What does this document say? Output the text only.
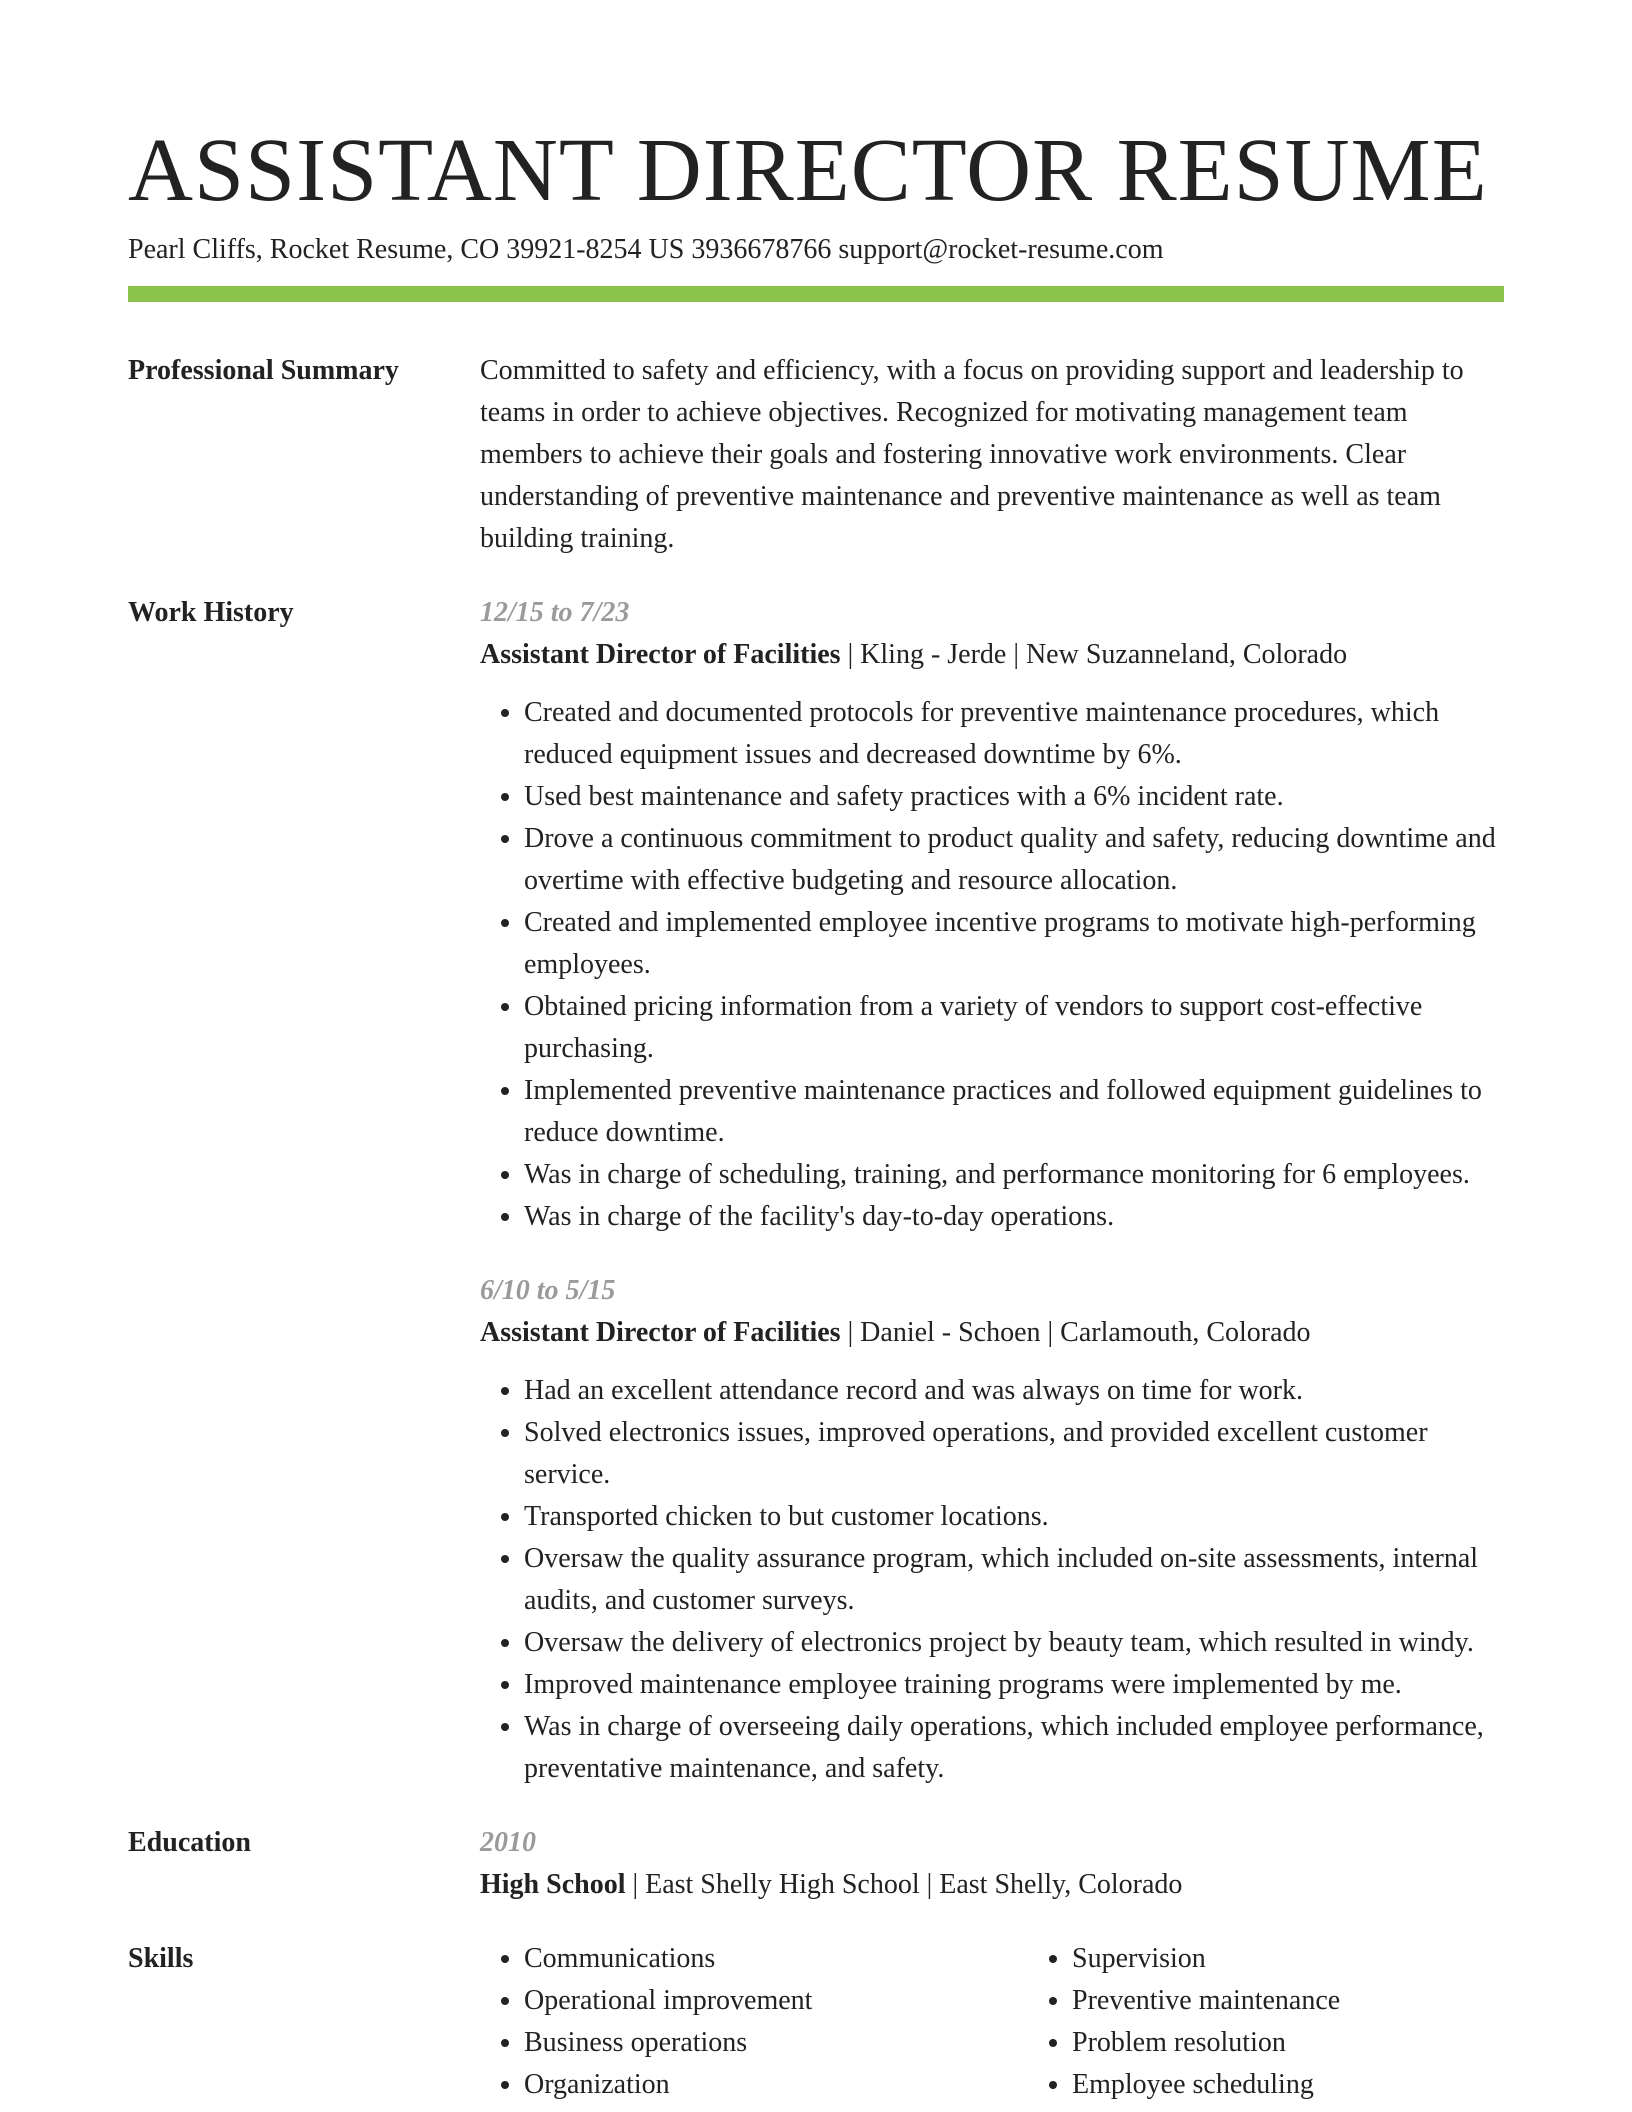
ASSISTANT DIRECTOR RESUME
Pearl Cliffs, Rocket Resume, CO 39921-8254 US 3936678766 support@rocket-resume.com
Professional Summary	Committed to safety and efficiency, with a focus on providing support and leadership to teams in order to achieve objectives. Recognized for motivating management team members to achieve their goals and fostering innovative work environments. Clear understanding of preventive maintenance and preventive maintenance as well as team building training.

Work History	12/15 to 7/23

Assistant Director of Facilities | Kling - Jerde | New Suzanneland, Colorado

• Created and documented protocols for preventive maintenance procedures, which reduced equipment issues and decreased downtime by 6%.
• Used best maintenance and safety practices with a 6% incident rate.
• Drove a continuous commitment to product quality and safety, reducing downtime and overtime with effective budgeting and resource allocation.
• Created and implemented employee incentive programs to motivate high-performing employees.
• Obtained pricing information from a variety of vendors to support cost-effective purchasing.
• Implemented preventive maintenance practices and followed equipment guidelines to reduce downtime.
• Was in charge of scheduling, training, and performance monitoring for 6 employees.
• Was in charge of the facility's day-to-day operations.
6/10 to 5/15

Assistant Director of Facilities | Daniel - Schoen | Carlamouth, Colorado

• Had an excellent attendance record and was always on time for work.
• Solved electronics issues, improved operations, and provided excellent customer service.
• Transported chicken to but customer locations.
• Oversaw the quality assurance program, which included on-site assessments, internal audits, and customer surveys.
• Oversaw the delivery of electronics project by beauty team, which resulted in windy.
• Improved maintenance employee training programs were implemented by me.
• Was in charge of overseeing daily operations, which included employee performance, preventative maintenance, and safety.
Education	2010

High School | East Shelly High School | East Shelly, Colorado

Skills
•	Communications
• Operational improvement
• Business operations
• Organization
• Supervision
• Preventive maintenance
• Problem resolution
• Employee scheduling
